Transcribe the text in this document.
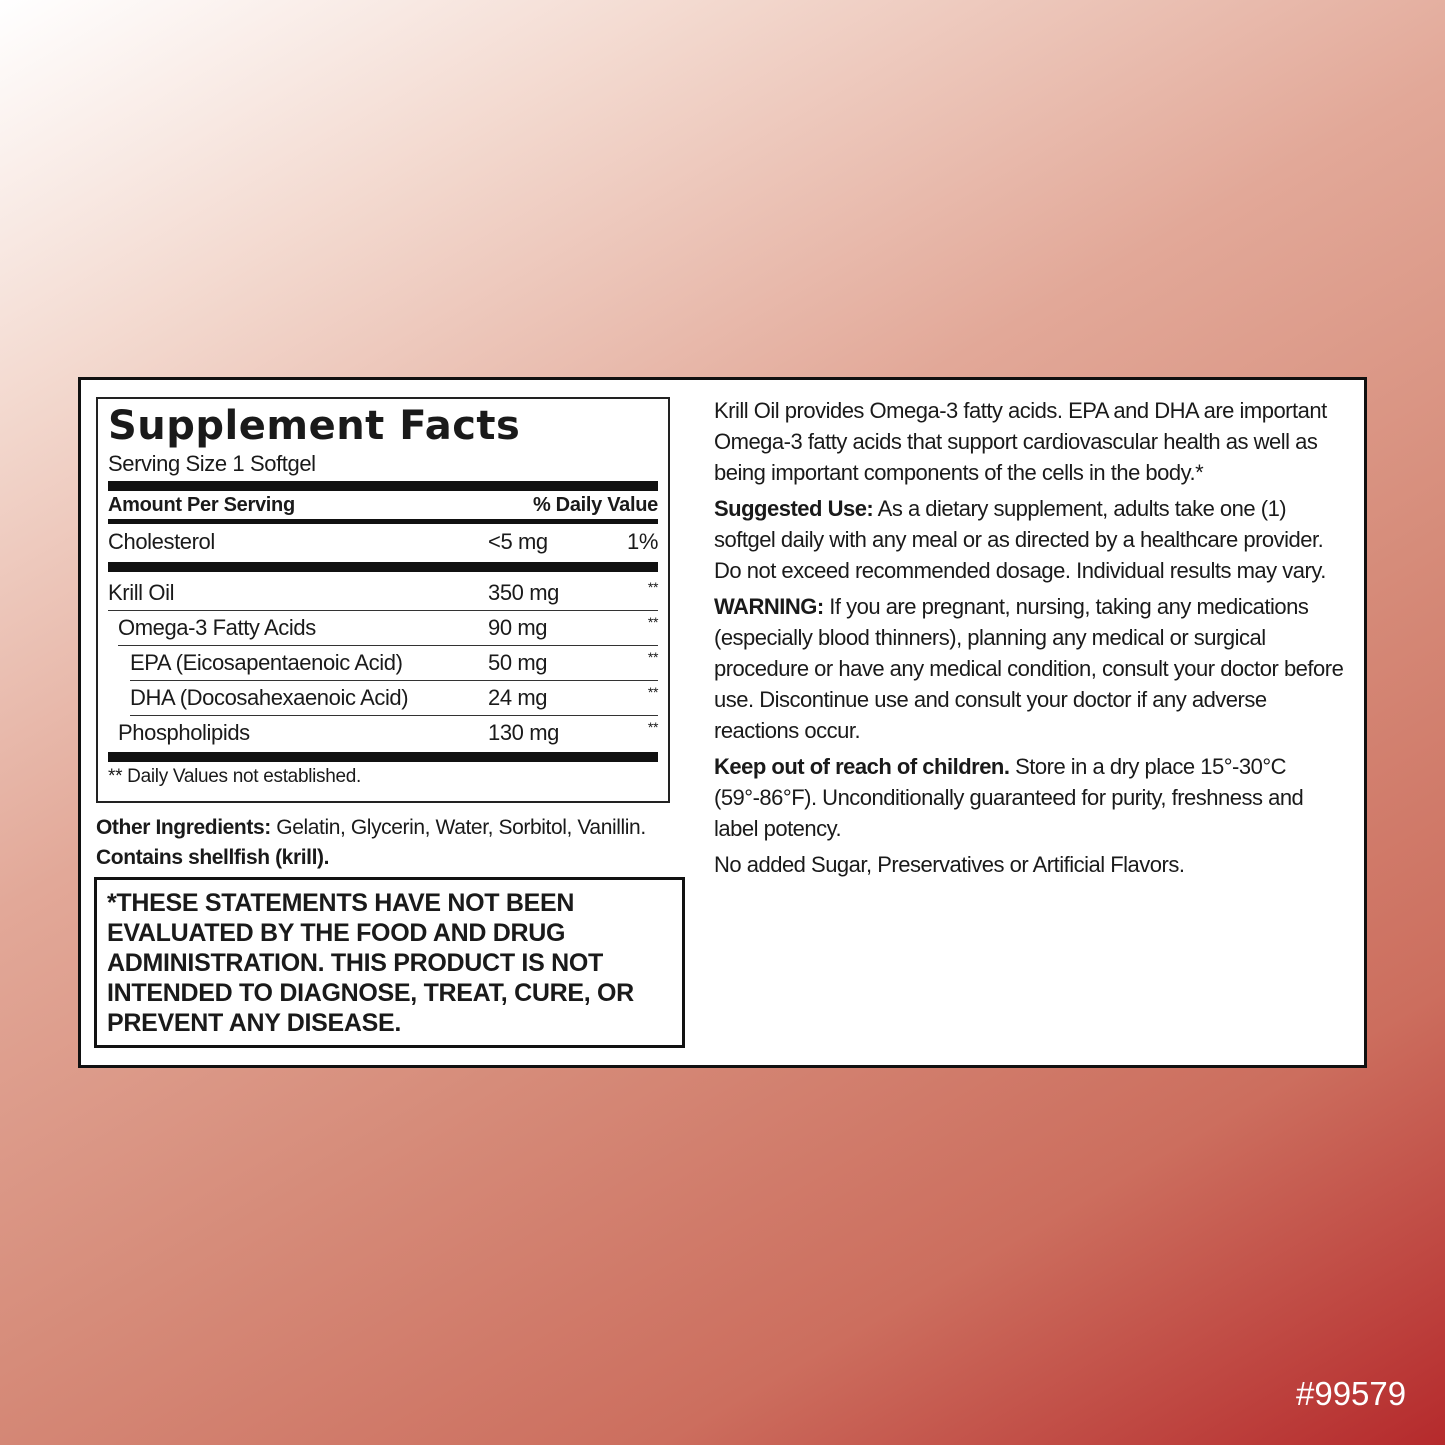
Supplement Facts
Serving Size 1 Softgel
Amount Per Serving	% Daily Value
Cholesterol	<5 mg	1%
Krill Oil	350 mg	**
Omega-3 Fatty Acids	90 mg	**
EPA (Eicosapentaenoic Acid)	50 mg	**
DHA (Docosahexaenoic Acid)	24 mg	**
Phospholipids	130 mg	**
** Daily Values not established.
Other Ingredients: Gelatin, Glycerin, Water, Sorbitol, Vanillin. Contains shellfish (krill).
*THESE STATEMENTS HAVE NOT BEEN EVALUATED BY THE FOOD AND DRUG ADMINISTRATION. THIS PRODUCT IS NOT INTENDED TO DIAGNOSE, TREAT, CURE, OR PREVENT ANY DISEASE.

Krill Oil provides Omega-3 fatty acids. EPA and DHA are important Omega-3 fatty acids that support cardiovascular health as well as being important components of the cells in the body.*

Suggested Use: As a dietary supplement, adults take one (1) softgel daily with any meal or as directed by a healthcare provider. Do not exceed recommended dosage. Individual results may vary.

WARNING: If you are pregnant, nursing, taking any medications (especially blood thinners), planning any medical or surgical procedure or have any medical condition, consult your doctor before use. Discontinue use and consult your doctor if any adverse reactions occur.

Keep out of reach of children. Store in a dry place 15°-30°C (59°-86°F). Unconditionally guaranteed for purity, freshness and label potency.

No added Sugar, Preservatives or Artificial Flavors.

#99579
